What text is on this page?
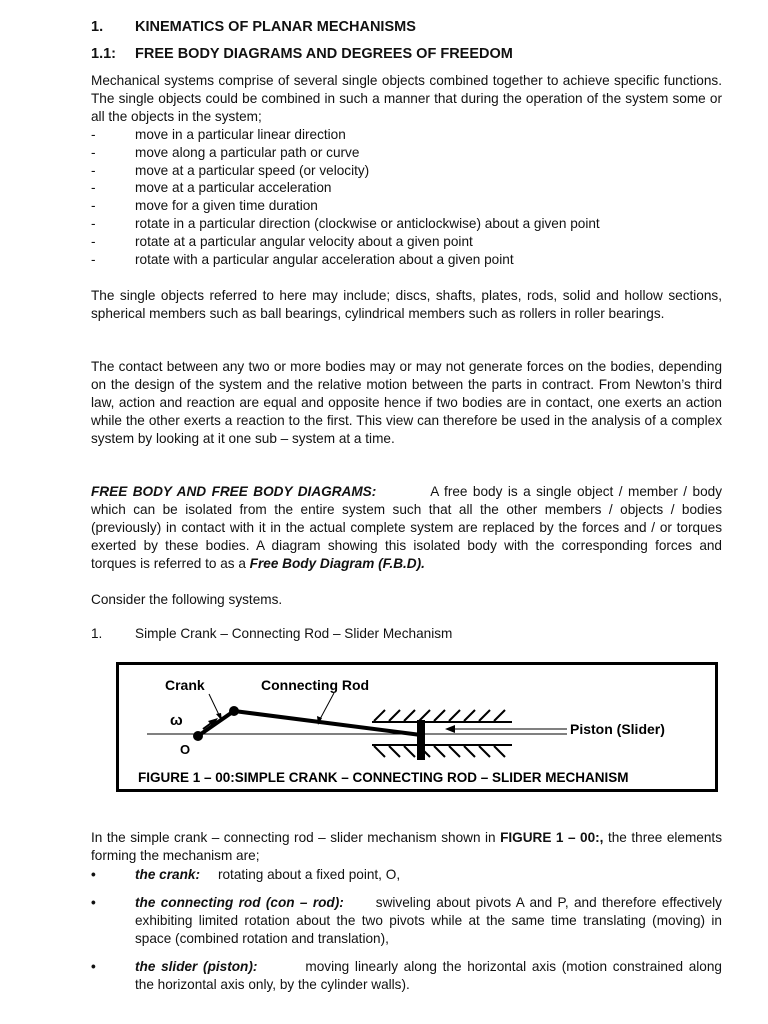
1. KINEMATICS OF PLANAR MECHANISMS
1.1: FREE BODY DIAGRAMS AND DEGREES OF FREEDOM

Mechanical systems comprise of several single objects combined together to achieve specific functions. The single objects could be combined in such a manner that during the operation of the system some or all the objects in the system;

-	move in a particular linear direction
-	move along a particular path or curve
-	move at a particular speed (or velocity)
-	move at a particular acceleration
-	move for a given time duration
-	rotate in a particular direction (clockwise or anticlockwise) about a given point
-	rotate at a particular angular velocity about a given point
-	rotate with a particular angular acceleration about a given point

The single objects referred to here may include; discs, shafts, plates, rods, solid and hollow sections, spherical members such as ball bearings, cylindrical members such as rollers in roller bearings.

The contact between any two or more bodies may or may not generate forces on the bodies, depending on the design of the system and the relative motion between the parts in contract. From Newton’s third law, action and reaction are equal and opposite hence if two bodies are in contact, one exerts an action while the other exerts a reaction to the first. This view can therefore be used in the analysis of a complex system by looking at it one sub – system at a time.

FREE BODY AND FREE BODY DIAGRAMS:	A free body is a single object / member / body which can be isolated from the entire system such that all the other members / objects / bodies (previously) in contact with it in the actual complete system are replaced by the forces and / or torques exerted by these bodies. A diagram showing this isolated body with the corresponding forces and torques is referred to as a Free Body Diagram (F.B.D).

Consider the following systems.

1. Simple Crank – Connecting Rod – Slider Mechanism
Crank	Connecting Rod
ω
O
Piston (Slider)
FIGURE 1 – 00:SIMPLE CRANK – CONNECTING ROD – SLIDER MECHANISM

In the simple crank – connecting rod – slider mechanism shown in FIGURE 1 – 00:, the three elements forming the mechanism are;

•	the crank: rotating about a fixed point, O,
•	the connecting rod (con – rod): swiveling about pivots A and P, and therefore effectively exhibiting limited rotation about the two pivots while at the same time translating (moving) in space (combined rotation and translation),
•	the slider (piston):	moving linearly along the horizontal axis (motion constrained along the horizontal axis only, by the cylinder walls).
